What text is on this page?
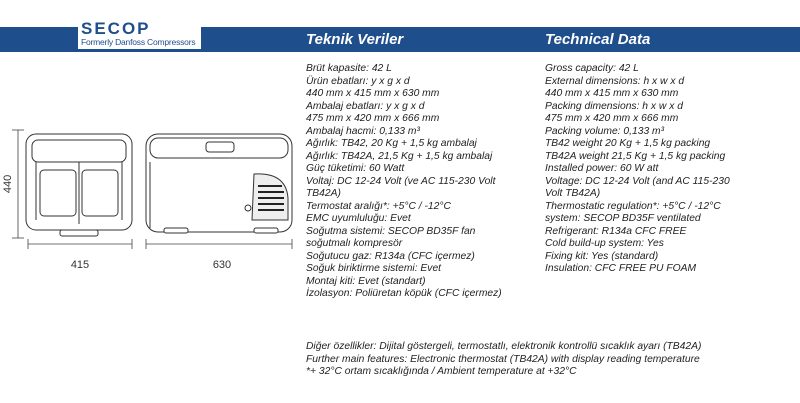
SECOP
Formerly Danfoss Compressors	Teknik Veriler	Technical Data
440
415	630
Brüt kapasite: 42 L
Ürün ebatları: y x g x d
440 mm x 415 mm x 630 mm
Ambalaj ebatları: y x g x d
475 mm x 420 mm x 666 mm
Ambalaj hacmi: 0,133 m³
Ağırlık: TB42, 20 Kg + 1,5 kg ambalaj
Ağırlık: TB42A, 21,5 Kg + 1,5 kg ambalaj
Güç tüketimi: 60 Watt
Voltaj: DC 12-24 Volt (ve AC 115-230 Volt
TB42A)
Termostat aralığı*: +5°C / -12°C
EMC uyumluluğu: Evet
Soğutma sistemi: SECOP BD35F fan
soğutmalı kompresör
Soğutucu gaz: R134a (CFC içermez)
Soğuk biriktirme sistemi: Evet
Montaj kiti: Evet (standart)
İzolasyon: Poliüretan köpük (CFC içermez)
Gross capacity: 42 L
External dimensions: h x w x d
440 mm x 415 mm x 630 mm
Packing dimensions: h x w x d
475 mm x 420 mm x 666 mm
Packing volume: 0,133 m³
TB42 weight 20 Kg + 1,5 kg packing
TB42A weight 21,5 Kg + 1,5 kg packing
Installed power: 60 W att
Voltage: DC 12-24 Volt (and AC 115-230
Volt TB42A)
Thermostatic regulation*: +5°C / -12°C
system: SECOP BD35F ventilated
Refrigerant: R134a CFC FREE
Cold build-up system: Yes
Fixing kit: Yes (standard)
Insulation: CFC FREE PU FOAM
Diğer özellikler: Dijital göstergeli, termostatlı, elektronik kontrollü sıcaklık ayarı (TB42A)
Further main features: Electronic thermostat (TB42A) with display reading temperature
*+ 32°C ortam sıcaklığında / Ambient temperature at +32°C
